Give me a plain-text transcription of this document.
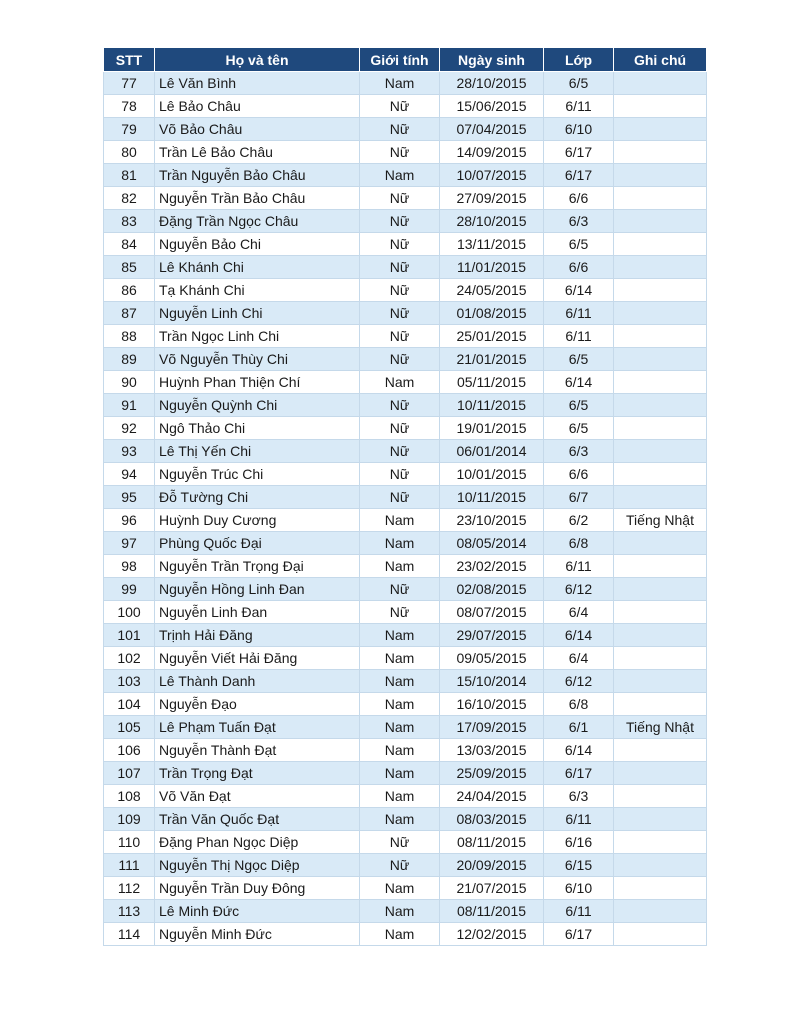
STT	Họ và tên	Giới tính	Ngày sinh	Lớp	Ghi chú
77	Lê Văn Bình	Nam	28/10/2015	6/5	
78	Lê Bảo Châu	Nữ	15/06/2015	6/11	
79	Võ Bảo Châu	Nữ	07/04/2015	6/10	
80	Trần Lê Bảo Châu	Nữ	14/09/2015	6/17	
81	Trần Nguyễn Bảo Châu	Nam	10/07/2015	6/17	
82	Nguyễn Trần Bảo Châu	Nữ	27/09/2015	6/6	
83	Đặng Trần Ngọc Châu	Nữ	28/10/2015	6/3	
84	Nguyễn Bảo Chi	Nữ	13/11/2015	6/5	
85	Lê Khánh Chi	Nữ	11/01/2015	6/6	
86	Tạ Khánh Chi	Nữ	24/05/2015	6/14	
87	Nguyễn Linh Chi	Nữ	01/08/2015	6/11	
88	Trần Ngọc Linh Chi	Nữ	25/01/2015	6/11	
89	Võ Nguyễn Thùy Chi	Nữ	21/01/2015	6/5	
90	Huỳnh Phan Thiện Chí	Nam	05/11/2015	6/14	
91	Nguyễn Quỳnh Chi	Nữ	10/11/2015	6/5	
92	Ngô Thảo Chi	Nữ	19/01/2015	6/5	
93	Lê Thị Yến Chi	Nữ	06/01/2014	6/3	
94	Nguyễn Trúc Chi	Nữ	10/01/2015	6/6	
95	Đỗ Tường Chi	Nữ	10/11/2015	6/7	
96	Huỳnh Duy Cương	Nam	23/10/2015	6/2	Tiếng Nhật
97	Phùng Quốc Đại	Nam	08/05/2014	6/8	
98	Nguyễn Trần Trọng Đại	Nam	23/02/2015	6/11	
99	Nguyễn Hồng Linh Đan	Nữ	02/08/2015	6/12	
100	Nguyễn Linh Đan	Nữ	08/07/2015	6/4	
101	Trịnh Hải Đăng	Nam	29/07/2015	6/14	
102	Nguyễn Viết Hải Đăng	Nam	09/05/2015	6/4	
103	Lê Thành Danh	Nam	15/10/2014	6/12	
104	Nguyễn Đạo	Nam	16/10/2015	6/8	
105	Lê Phạm Tuấn Đạt	Nam	17/09/2015	6/1	Tiếng Nhật
106	Nguyễn Thành Đạt	Nam	13/03/2015	6/14	
107	Trần Trọng Đạt	Nam	25/09/2015	6/17	
108	Võ Văn Đạt	Nam	24/04/2015	6/3	
109	Trần Văn Quốc Đạt	Nam	08/03/2015	6/11	
110	Đặng Phan Ngọc Diệp	Nữ	08/11/2015	6/16	
111	Nguyễn Thị Ngọc Diệp	Nữ	20/09/2015	6/15	
112	Nguyễn Trần Duy Đông	Nam	21/07/2015	6/10	
113	Lê Minh Đức	Nam	08/11/2015	6/11	
114	Nguyễn Minh Đức	Nam	12/02/2015	6/17	
